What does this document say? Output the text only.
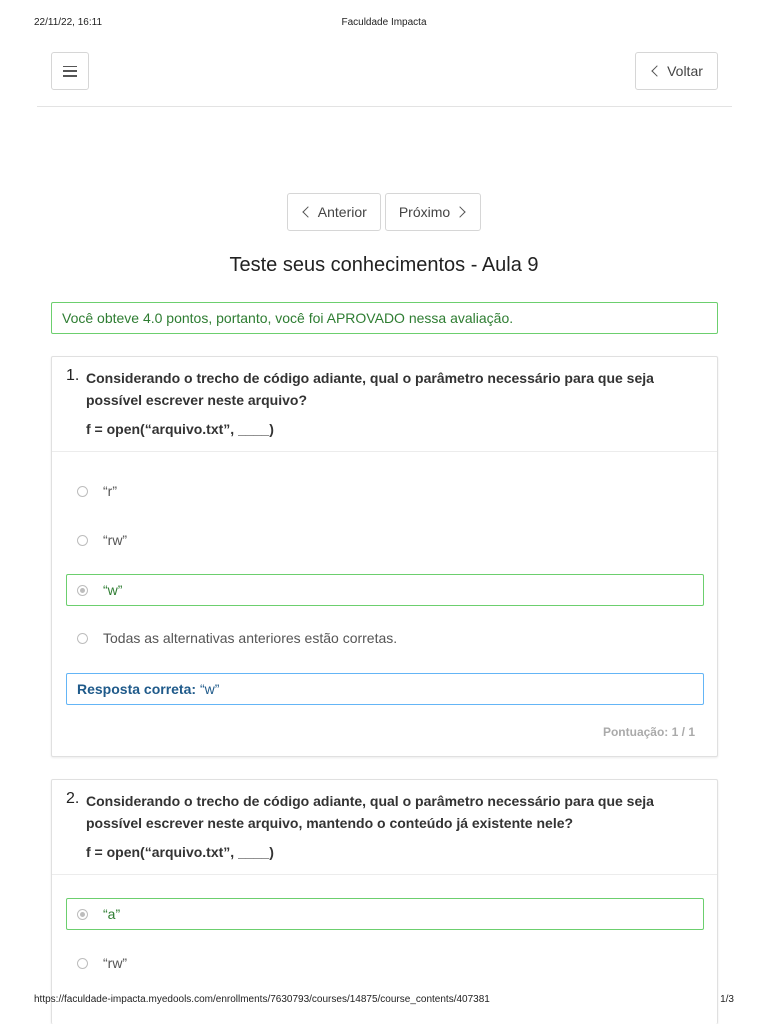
22/11/22, 16:11	Faculdade Impacta
Voltar
Anterior Próximo
Teste seus conhecimentos - Aula 9
Você obteve 4.0 pontos, portanto, você foi APROVADO nessa avaliação.
1. Considerando o trecho de código adiante, qual o parâmetro necessário para que seja possível escrever neste arquivo?
f = open(“arquivo.txt”, ____)
“r”
“rw”
“w”
Todas as alternativas anteriores estão corretas.
Resposta correta: “w”
Pontuação: 1 / 1
2. Considerando o trecho de código adiante, qual o parâmetro necessário para que seja possível escrever neste arquivo, mantendo o conteúdo já existente nele?
f = open(“arquivo.txt”, ____)
“a”
“rw”
https://faculdade-impacta.myedools.com/enrollments/7630793/courses/14875/course_contents/407381	1/3
